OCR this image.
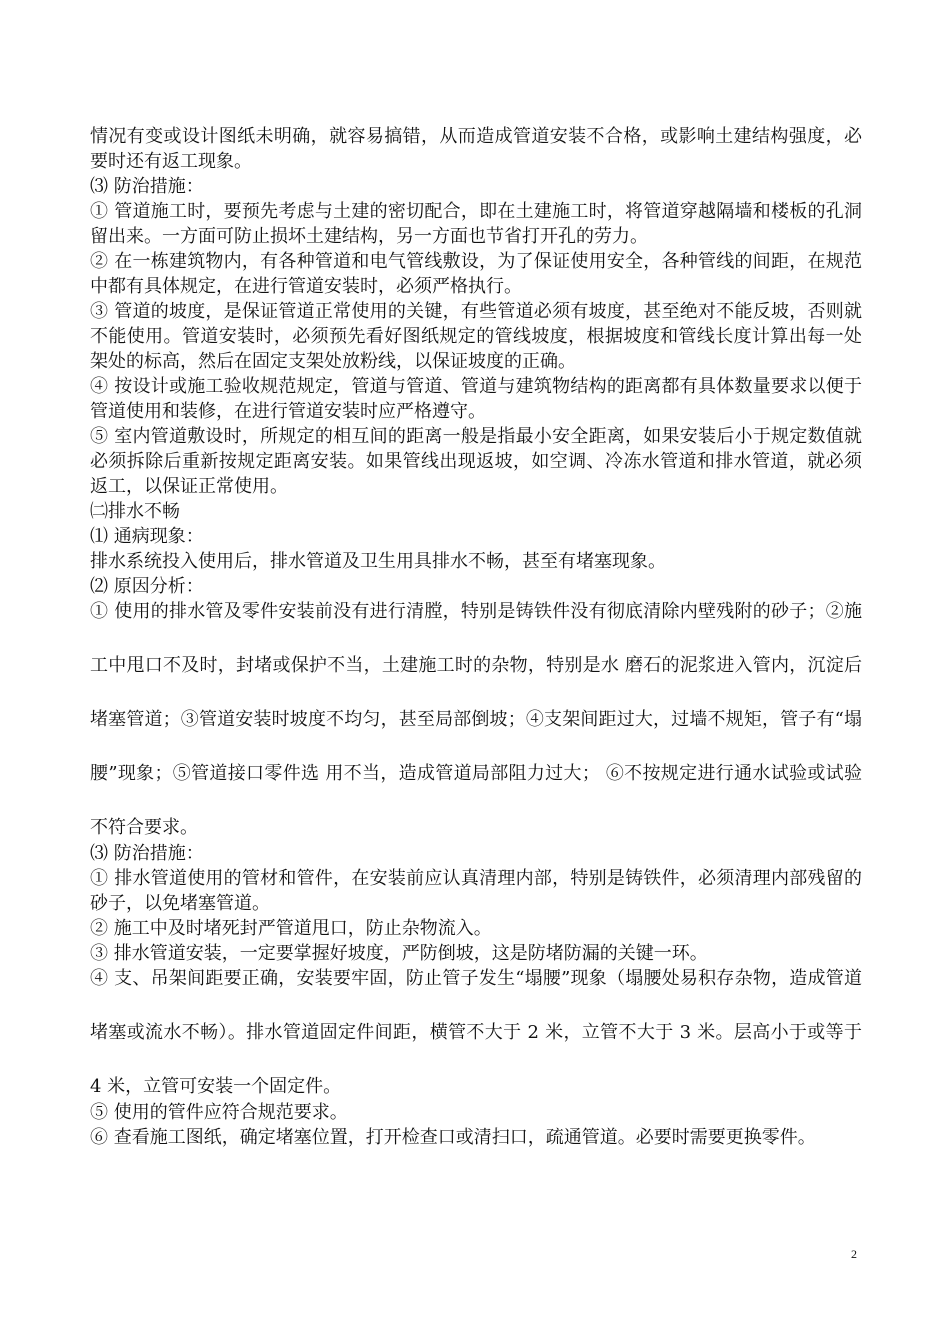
情况有变或设计图纸未明确，就容易搞错，从而造成管道安装不合格，或影响土建结构强度，必要时还有返工现象。

⑶ 防治措施：

① 管道施工时，要预先考虑与土建的密切配合，即在土建施工时，将管道穿越隔墙和楼板的孔洞留出来。一方面可防止损坏土建结构，另一方面也节省打开孔的劳力。

② 在一栋建筑物内，有各种管道和电气管线敷设，为了保证使用安全，各种管线的间距，在规范中都有具体规定，在进行管道安装时，必须严格执行。

③ 管道的坡度，是保证管道正常使用的关键，有些管道必须有坡度，甚至绝对不能反坡，否则就不能使用。管道安装时，必须预先看好图纸规定的管线坡度，根据坡度和管线长度计算出每一处架处的标高，然后在固定支架处放粉线，以保证坡度的正确。

④ 按设计或施工验收规范规定，管道与管道、管道与建筑物结构的距离都有具体数量要求以便于管道使用和装修，在进行管道安装时应严格遵守。

⑤ 室内管道敷设时，所规定的相互间的距离一般是指最小安全距离，如果安装后小于规定数值就必须拆除后重新按规定距离安装。如果管线出现返坡，如空调、冷冻水管道和排水管道，就必须返工，以保证正常使用。

㈡排水不畅

⑴ 通病现象：

排水系统投入使用后，排水管道及卫生用具排水不畅，甚至有堵塞现象。

⑵ 原因分析：

① 使用的排水管及零件安装前没有进行清膛，特别是铸铁件没有彻底清除内壁残附的砂子；②施工中甩口不及时，封堵或保护不当，土建施工时的杂物，特别是水 磨石的泥浆进入管内，沉淀后堵塞管道；③管道安装时坡度不均匀，甚至局部倒坡；④支架间距过大，过墙不规矩，管子有“塌腰”现象；⑤管道接口零件选 用不当，造成管道局部阻力过大； ⑥不按规定进行通水试验或试验不符合要求。

⑶ 防治措施：

① 排水管道使用的管材和管件，在安装前应认真清理内部，特别是铸铁件，必须清理内部残留的砂子，以免堵塞管道。

② 施工中及时堵死封严管道甩口，防止杂物流入。

③ 排水管道安装，一定要掌握好坡度，严防倒坡，这是防堵防漏的关键一环。

④ 支、吊架间距要正确，安装要牢固，防止管子发生“塌腰”现象（塌腰处易积存杂物，造成管道堵塞或流水不畅）。排水管道固定件间距，横管不大于 2 米，立管不大于 3 米。层高小于或等于 4 米，立管可安装一个固定件。

⑤ 使用的管件应符合规范要求。

⑥ 查看施工图纸，确定堵塞位置，打开检查口或清扫口，疏通管道。必要时需要更换零件。

2
